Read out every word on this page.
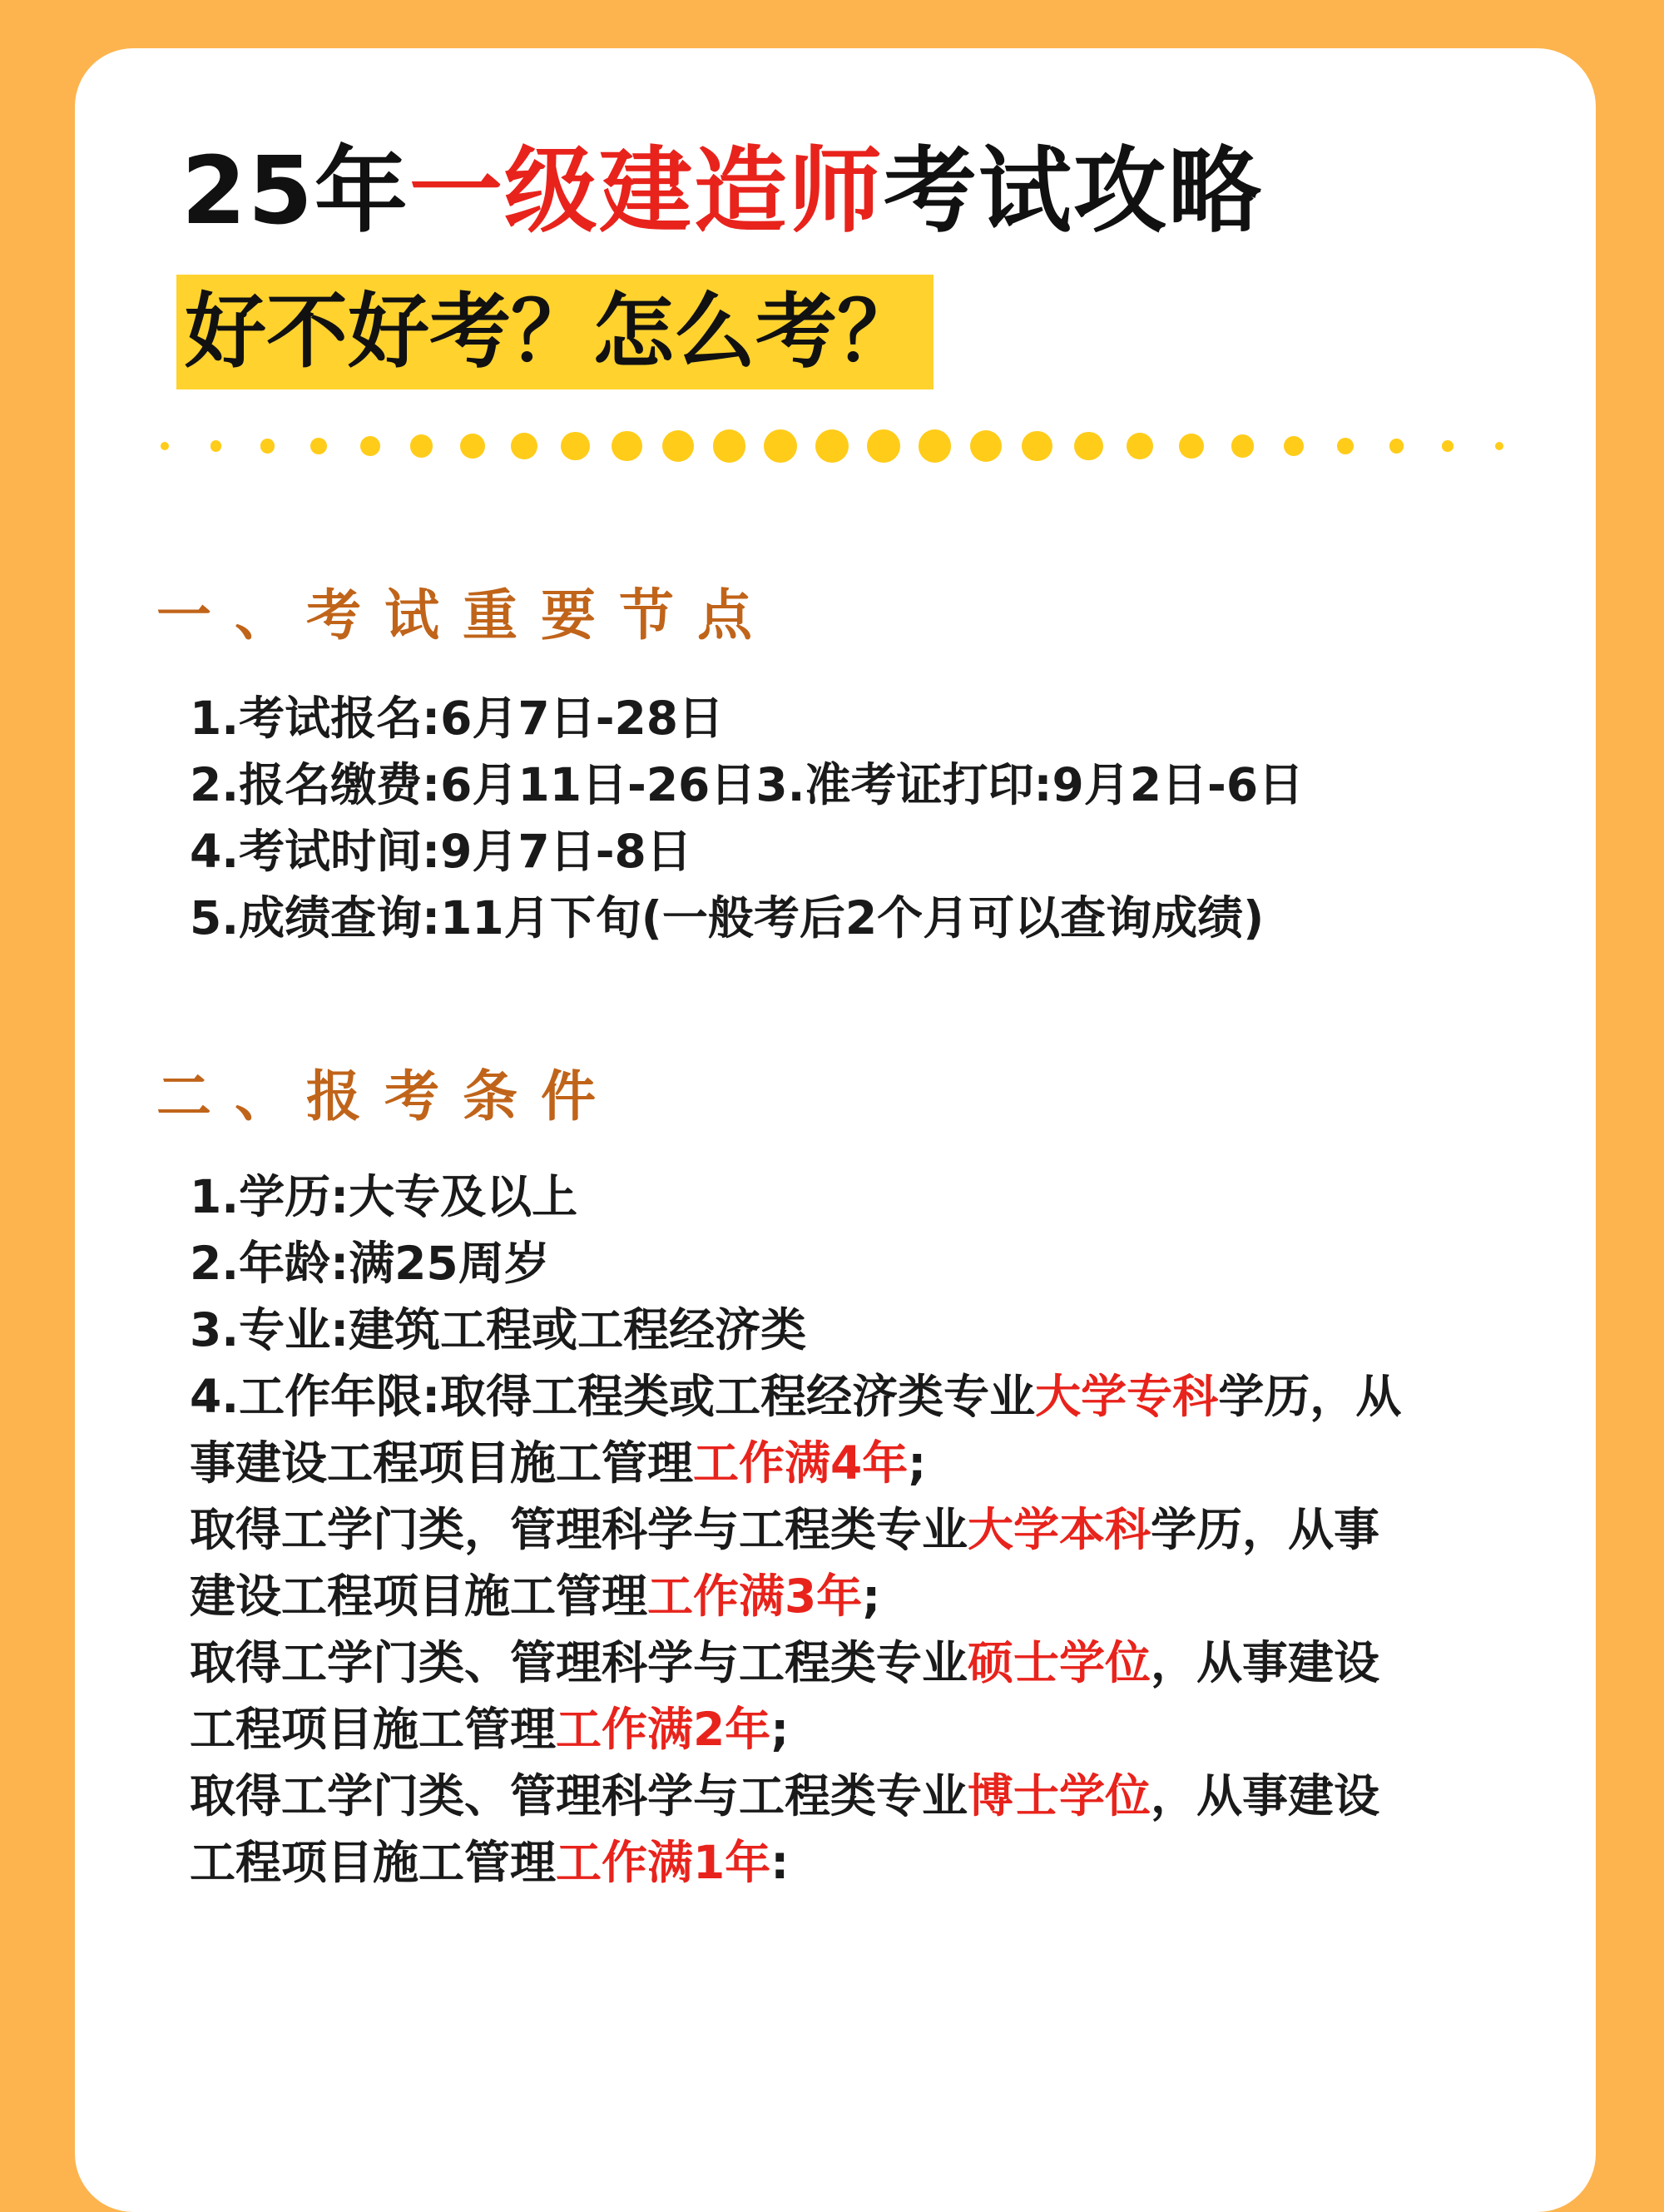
25年一级建造师考试攻略
好不好考？怎么考？
一、考试重要节点
1.考试报名:6月7日-28日
2.报名缴费:6月11日-26日3.准考证打印:9月2日-6日
4.考试时间:9月7日-8日
5.成绩查询:11月下旬(一般考后2个月可以查询成绩)
二、报考条件
1.学历:大专及以上
2.年龄:满25周岁
3.专业:建筑工程或工程经济类
4.工作年限:取得工程类或工程经济类专业大学专科学历，从
事建设工程项目施工管理工作满4年;
取得工学门类，管理科学与工程类专业大学本科学历，从事
建设工程项目施工管理工作满3年;
取得工学门类、管理科学与工程类专业硕士学位，从事建设
工程项目施工管理工作满2年;
取得工学门类、管理科学与工程类专业博士学位，从事建设
工程项目施工管理工作满1年:
